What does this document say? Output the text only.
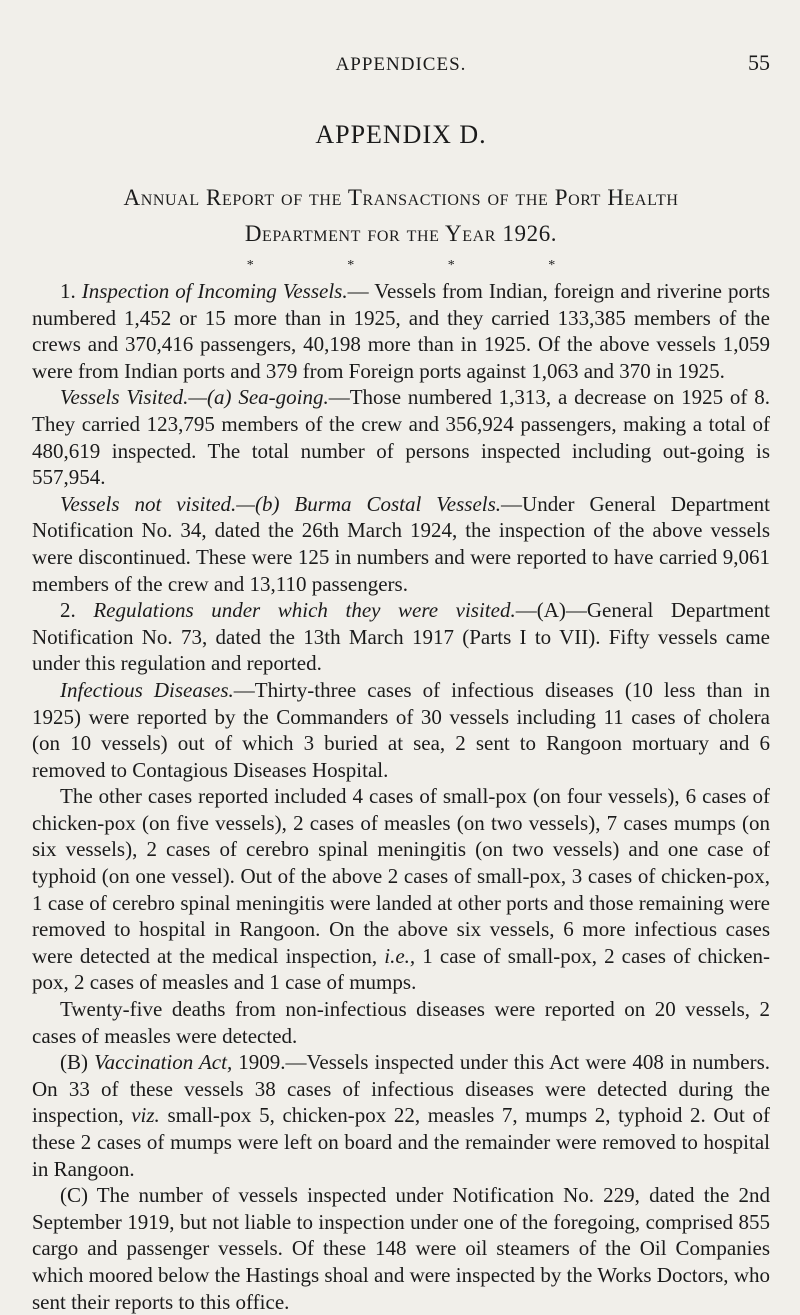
APPENDICES.	55
APPENDIX D.
Annual Report of the Transactions of the Port Health
Department for the Year 1926.
* * * *

1. Inspection of Incoming Vessels.— Vessels from Indian, foreign and riverine ports numbered 1,452 or 15 more than in 1925, and they carried 133,385 members of the crews and 370,416 passengers, 40,198 more than in 1925. Of the above vessels 1,059 were from Indian ports and 379 from Foreign ports against 1,063 and 370 in 1925.

Vessels Visited.—(a) Sea-going.—Those numbered 1,313, a decrease on 1925 of 8. They carried 123,795 members of the crew and 356,924 passengers, making a total of 480,619 inspected. The total number of persons inspected including out-going is 557,954.

Vessels not visited.—(b) Burma Costal Vessels.—Under General Department Notification No. 34, dated the 26th March 1924, the inspection of the above vessels were discontinued. These were 125 in numbers and were reported to have carried 9,061 members of the crew and 13,110 passengers.

2. Regulations under which they were visited.—(A)—General Department Notification No. 73, dated the 13th March 1917 (Parts I to VII). Fifty vessels came under this regulation and reported.

Infectious Diseases.—Thirty-three cases of infectious diseases (10 less than in 1925) were reported by the Commanders of 30 vessels including 11 cases of cholera (on 10 vessels) out of which 3 buried at sea, 2 sent to Rangoon mortuary and 6 removed to Contagious Diseases Hospital.

The other cases reported included 4 cases of small-pox (on four vessels), 6 cases of chicken-pox (on five vessels), 2 cases of measles (on two vessels), 7 cases mumps (on six vessels), 2 cases of cerebro spinal meningitis (on two vessels) and one case of typhoid (on one vessel). Out of the above 2 cases of small-pox, 3 cases of chicken-pox, 1 case of cerebro spinal meningitis were landed at other ports and those remaining were removed to hospital in Rangoon. On the above six vessels, 6 more infectious cases were detected at the medical inspection, i.e., 1 case of small-pox, 2 cases of chicken-pox, 2 cases of measles and 1 case of mumps.

Twenty-five deaths from non-infectious diseases were reported on 20 vessels, 2 cases of measles were detected.

(B) Vaccination Act, 1909.—Vessels inspected under this Act were 408 in numbers. On 33 of these vessels 38 cases of infectious diseases were detected during the inspection, viz. small-pox 5, chicken-pox 22, measles 7, mumps 2, typhoid 2. Out of these 2 cases of mumps were left on board and the remainder were removed to hospital in Rangoon.

(C) The number of vessels inspected under Notification No. 229, dated the 2nd September 1919, but not liable to inspection under one of the foregoing, comprised 855 cargo and passenger vessels. Of these 148 were oil steamers of the Oil Companies which moored below the Hastings shoal and were inspected by the Works Doctors, who sent their reports to this office.
